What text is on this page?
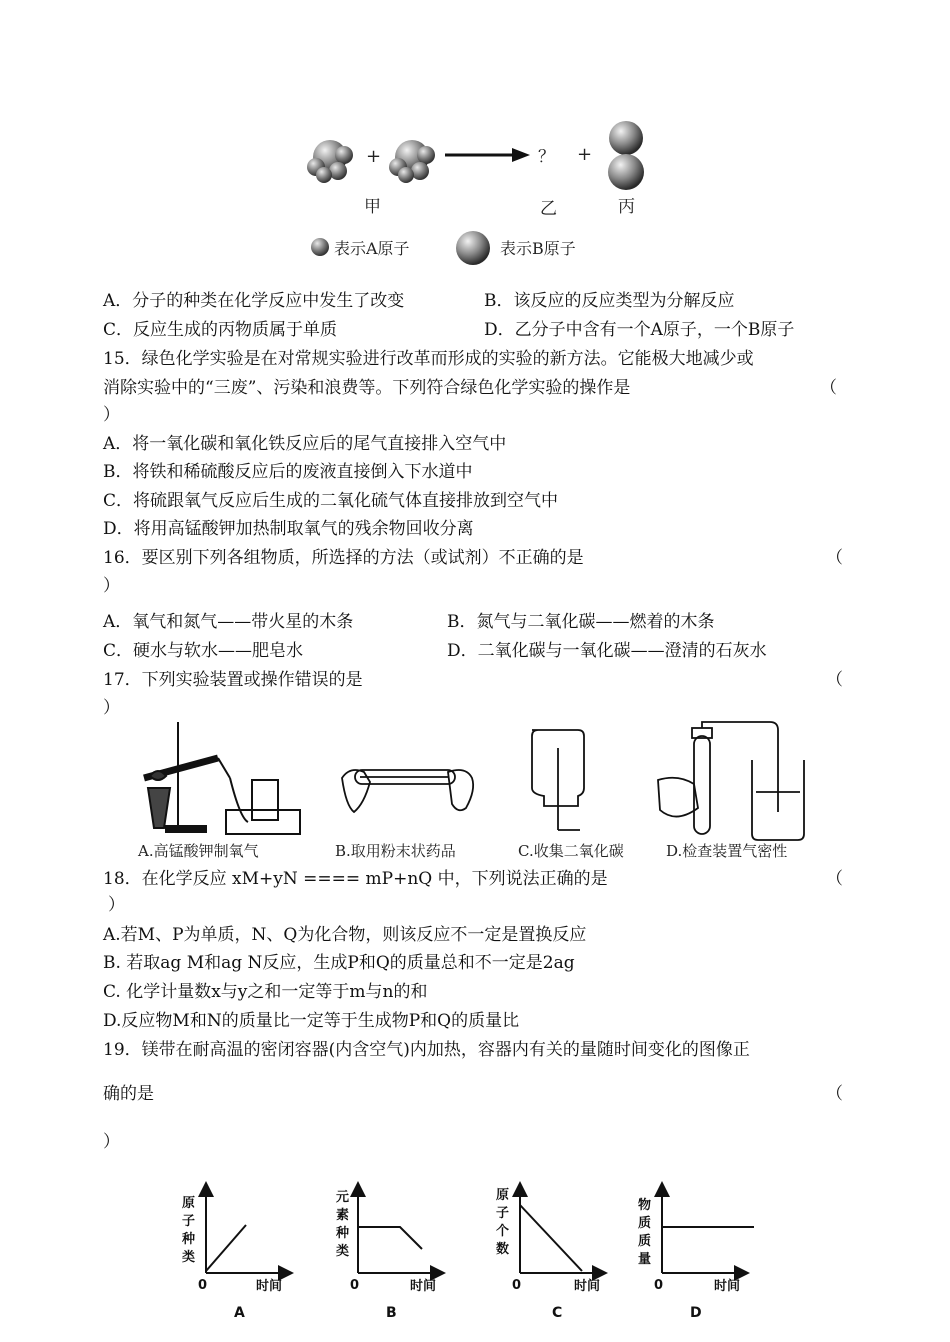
+	？ +
甲	乙	丙
表示A原子	表示B原子
A．分子的种类在化学反应中发生了改变	B．该反应的反应类型为分解反应
C．反应生成的丙物质属于单质	D．乙分子中含有一个A原子，一个B原子
15．绿色化学实验是在对常规实验进行改革而形成的实验的新方法。它能极大地减少或
消除实验中的“三废”、污染和浪费等。下列符合绿色化学实验的操作是	（
）
A．将一氧化碳和氧化铁反应后的尾气直接排入空气中
B．将铁和稀硫酸反应后的废液直接倒入下水道中
C．将硫跟氧气反应后生成的二氧化硫气体直接排放到空气中
D．将用高锰酸钾加热制取氧气的残余物回收分离
16．要区别下列各组物质，所选择的方法（或试剂）不正确的是	（
）
A．氧气和氮气——带火星的木条	B．氮气与二氧化碳——燃着的木条
C．硬水与软水——肥皂水	D．二氧化碳与一氧化碳——澄清的石灰水
17．下列实验装置或操作错误的是	（
）
A.高锰酸钾制氧气	B.取用粉末状药品	C.收集二氧化碳	D.检查装置气密性
18．在化学反应 xM+yN ==== mP+nQ 中，下列说法正确的是	（
）
A.若M、P为单质，N、Q为化合物，则该反应不一定是置换反应
B. 若取ag M和ag N反应，生成P和Q的质量总和不一定是2ag
C. 化学计量数x与y之和一定等于m与n的和
D.反应物M和N的质量比一定等于生成物P和Q的质量比
19．镁带在耐高温的密闭容器(内含空气)内加热，容器内有关的量随时间变化的图像正
确的是	（
）
原
子
种
类
0	时间
A
元
素
种
类
0	时间
B
原
子
个
数
0	时间
C
物
质
质
量
0	时间
D
